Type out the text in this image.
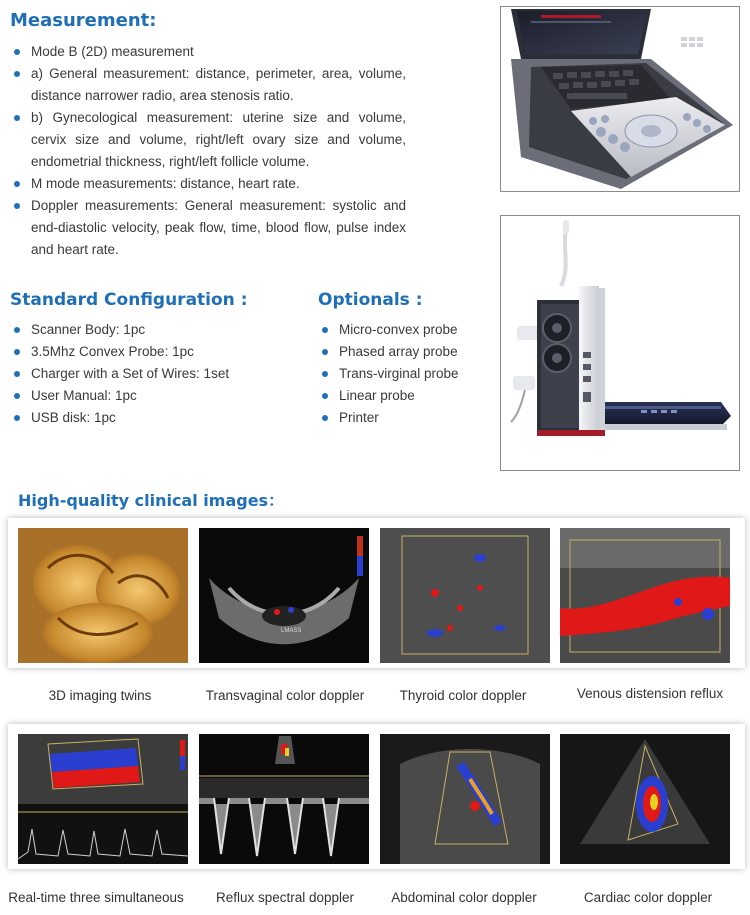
Measurement:
Mode B (2D) measurement
a) General measurement: distance, perimeter, area, volume, distance narrower radio, area stenosis ratio.
b) Gynecological measurement: uterine size and volume, cervix size and volume, right/left ovary size and volume, endometrial thickness, right/left follicle volume.
M mode measurements: distance, heart rate.
Doppler measurements: General measurement: systolic and end-diastolic velocity, peak flow, time, blood flow, pulse index and heart rate.
Standard Configuration :
Scanner Body: 1pc
3.5Mhz Convex Probe: 1pc
Charger with a Set of Wires: 1set
User Manual: 1pc
USB disk: 1pc
Optionals :
Micro-convex probe
Phased array probe
Trans-virginal probe
Linear probe
Printer
High-quality clinical images：
LMASS
3D imaging twins	Transvaginal color doppler	Thyroid color doppler	Venous distension reflux
Real-time three simultaneous	Reflux spectral doppler	Abdominal color doppler	Cardiac color doppler
